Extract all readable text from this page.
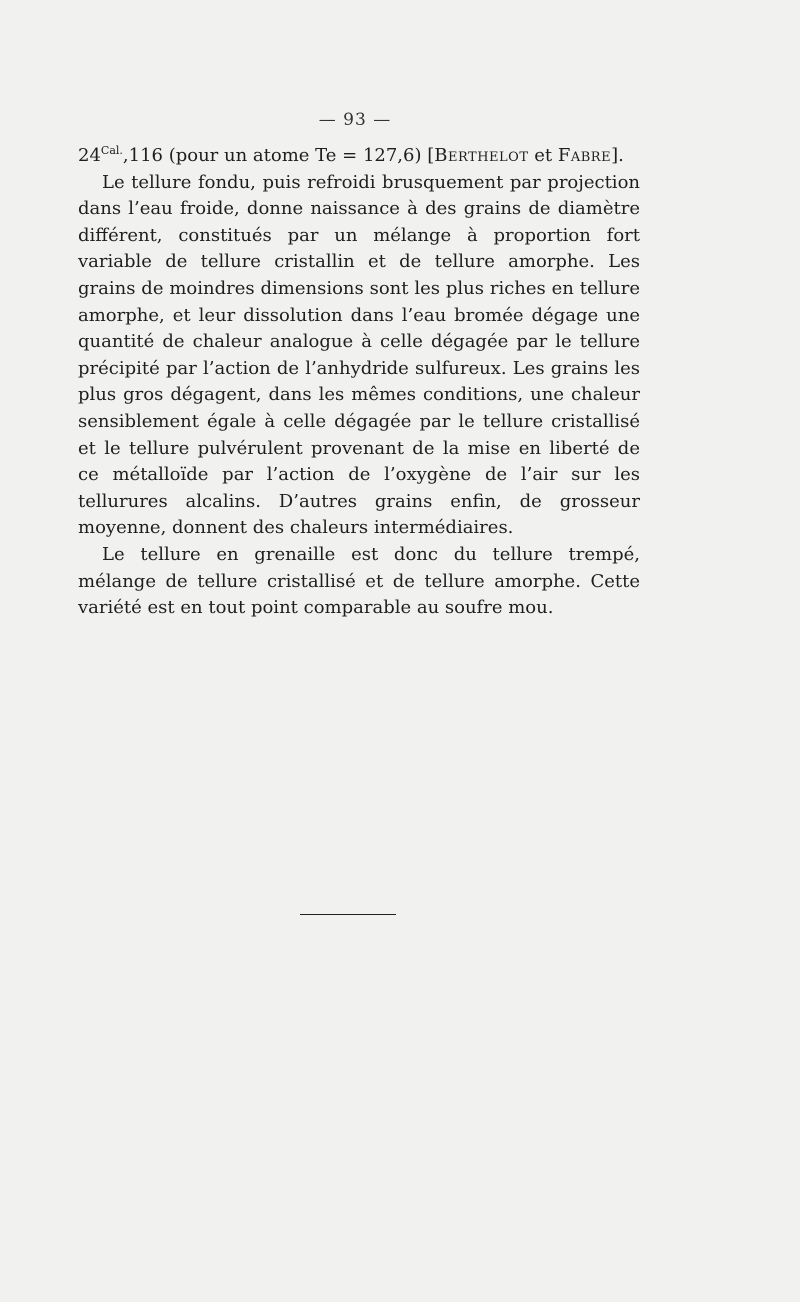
— 93 —

$24^{Cal.},116$ (pour un atome Te = 127,6) [Berthelot et Fabre].

Le tellure fondu, puis refroidi brusquement par projection dans l’eau froide, donne naissance à des grains de diamètre différent, constitués par un mélange à proportion fort variable de tellure cristallin et de tellure amorphe. Les grains de moindres dimensions sont les plus riches en tellure amorphe, et leur dissolution dans l’eau bromée dégage une quantité de chaleur analogue à celle dégagée par le tellure précipité par l’action de l’anhydride sulfureux. Les grains les plus gros dégagent, dans les mêmes conditions, une chaleur sensiblement égale à celle dégagée par le tellure cristallisé et le tellure pulvérulent provenant de la mise en liberté de ce métalloïde par l’action de l’oxygène de l’air sur les tellurures alcalins. D’autres grains enfin, de grosseur moyenne, donnent des chaleurs intermédiaires.

Le tellure en grenaille est donc du tellure trempé, mélange de tellure cristallisé et de tellure amorphe. Cette variété est en tout point comparable au soufre mou.
